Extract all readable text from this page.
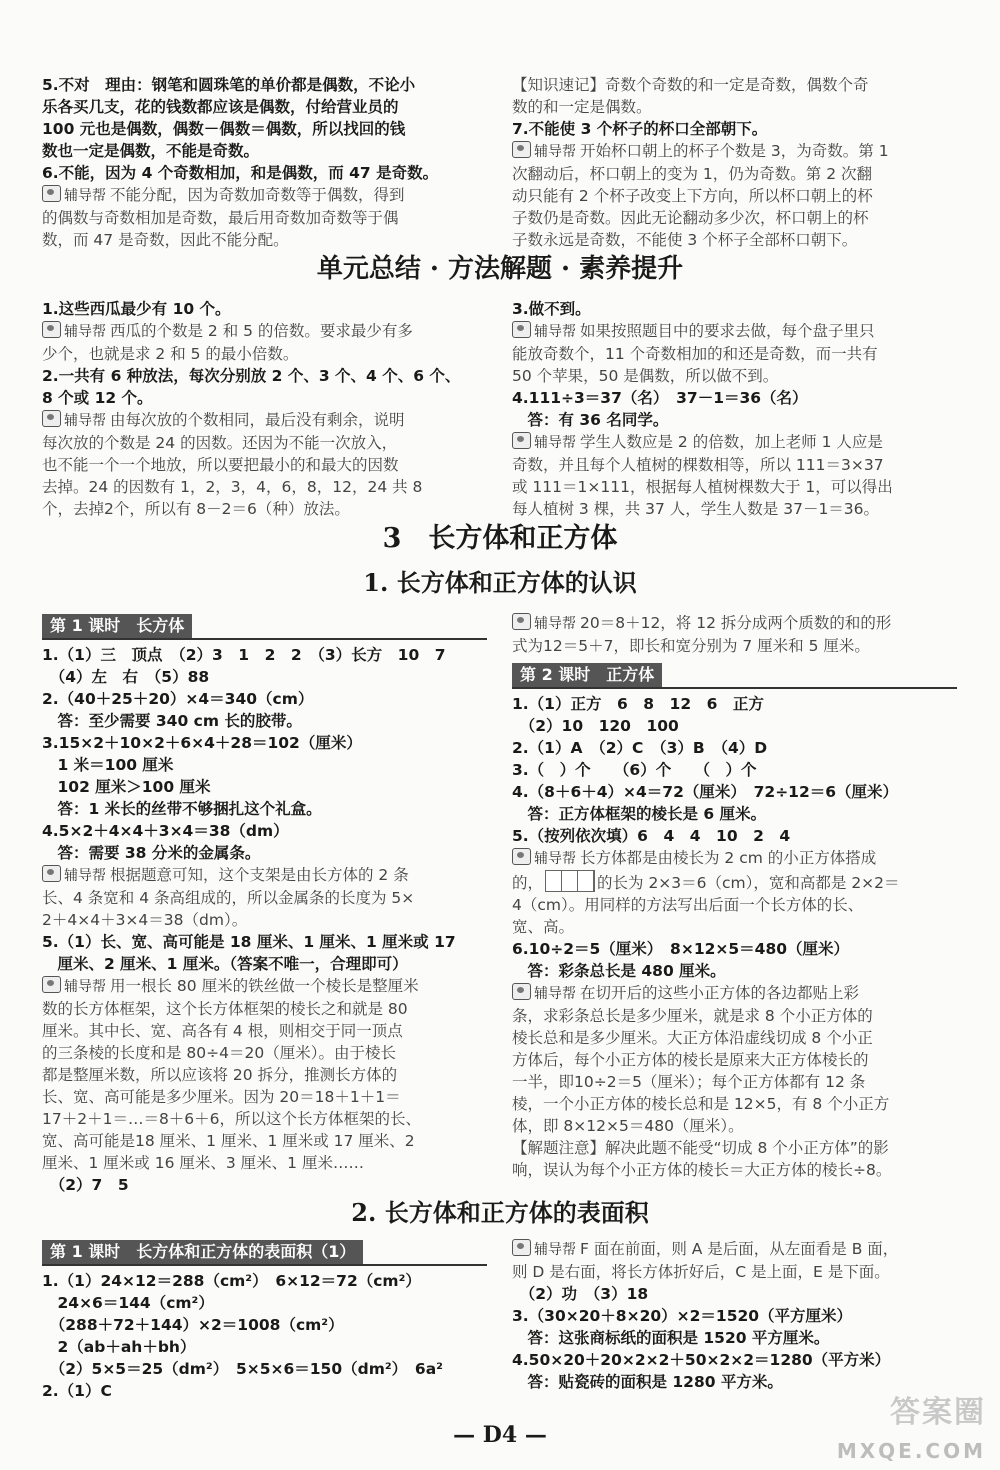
5.不对　理由：钢笔和圆珠笔的单价都是偶数，不论小
乐各买几支，花的钱数都应该是偶数，付给营业员的
100 元也是偶数，偶数－偶数＝偶数，所以找回的钱
数也一定是偶数，不能是奇数。
6.不能，因为 4 个奇数相加，和是偶数，而 47 是奇数。
辅导帮 不能分配，因为奇数加奇数等于偶数，得到
的偶数与奇数相加是奇数，最后用奇数加奇数等于偶
数，而 47 是奇数，因此不能分配。
【知识速记】奇数个奇数的和一定是奇数，偶数个奇
数的和一定是偶数。
7.不能使 3 个杯子的杯口全部朝下。
辅导帮 开始杯口朝上的杯子个数是 3，为奇数。第 1
次翻动后，杯口朝上的变为 1，仍为奇数。第 2 次翻
动只能有 2 个杯子改变上下方向，所以杯口朝上的杯
子数仍是奇数。因此无论翻动多少次，杯口朝上的杯
子数永远是奇数，不能使 3 个杯子全部杯口朝下。
单元总结 · 方法解题 · 素养提升
1.这些西瓜最少有 10 个。
辅导帮 西瓜的个数是 2 和 5 的倍数。要求最少有多
少个，也就是求 2 和 5 的最小倍数。
2.一共有 6 种放法，每次分别放 2 个、3 个、4 个、6 个、
8 个或 12 个。
辅导帮 由每次放的个数相同，最后没有剩余，说明
每次放的个数是 24 的因数。还因为不能一次放入，
也不能一个一个地放，所以要把最小的和最大的因数
去掉。24 的因数有 1，2，3，4，6，8，12，24 共 8
个，去掉2个，所以有 8－2＝6（种）放法。
3.做不到。
辅导帮 如果按照题目中的要求去做，每个盘子里只
能放奇数个，11 个奇数相加的和还是奇数，而一共有
50 个苹果，50 是偶数，所以做不到。
4.111÷3＝37（名）　37－1＝36（名）
　答：有 36 名同学。
辅导帮 学生人数应是 2 的倍数，加上老师 1 人应是
奇数，并且每个人植树的棵数相等，所以 111＝3×37
或 111＝1×111，根据每人植树棵数大于 1，可以得出
每人植树 3 棵，共 37 人，学生人数是 37－1＝36。
3　长方体和正方体
1. 长方体和正方体的认识
第 1 课时　长方体
1.（1）三　顶点　（2）3　1　2　2　（3）长方　10　7
　（4）左　右　（5）88
2.（40＋25＋20）×4＝340（cm）
　答：至少需要 340 cm 长的胶带。
3.15×2＋10×2＋6×4＋28＝102（厘米）
　1 米＝100 厘米
　102 厘米＞100 厘米
　答：1 米长的丝带不够捆扎这个礼盒。
4.5×2＋4×4＋3×4＝38（dm）
　答：需要 38 分米的金属条。
辅导帮 根据题意可知，这个支架是由长方体的 2 条
长、4 条宽和 4 条高组成的，所以金属条的长度为 5×
2＋4×4＋3×4＝38（dm）。
5.（1）长、宽、高可能是 18 厘米、1 厘米、1 厘米或 17
　厘米、2 厘米、1 厘米。（答案不唯一，合理即可）
辅导帮 用一根长 80 厘米的铁丝做一个棱长是整厘米
数的长方体框架，这个长方体框架的棱长之和就是 80
厘米。其中长、宽、高各有 4 根，则相交于同一顶点
的三条棱的长度和是 80÷4＝20（厘米）。由于棱长
都是整厘米数，所以应该将 20 拆分，推测长方体的
长、宽、高可能是多少厘米。因为 20＝18＋1＋1＝
17＋2＋1＝…＝8＋6＋6，所以这个长方体框架的长、
宽、高可能是18 厘米、1 厘米、1 厘米或 17 厘米、2
厘米、1 厘米或 16 厘米、3 厘米、1 厘米……
　（2）7　5
辅导帮 20＝8＋12，将 12 拆分成两个质数的和的形
式为12＝5＋7，即长和宽分别为 7 厘米和 5 厘米。
第 2 课时　正方体
1.（1）正方　6　8　12　6　正方
　（2）10　120　100
2.（1）A　（2）C　（3）B　（4）D
3.（　）个　　（6）个　　（　）个
4.（8＋6＋4）×4＝72（厘米）　72÷12＝6（厘米）
　答：正方体框架的棱长是 6 厘米。
5.（按列依次填）6　4　4　10　2　4
辅导帮 长方体都是由棱长为 2 cm 的小正方体搭成
的，	的长为 2×3＝6（cm），宽和高都是 2×2＝
4（cm）。用同样的方法写出后面一个长方体的长、
宽、高。
6.10÷2＝5（厘米）　8×12×5＝480（厘米）
　答：彩条总长是 480 厘米。
辅导帮 在切开后的这些小正方体的各边都贴上彩
条，求彩条总长是多少厘米，就是求 8 个小正方体的
棱长总和是多少厘米。大正方体沿虚线切成 8 个小正
方体后，每个小正方体的棱长是原来大正方体棱长的
一半，即10÷2＝5（厘米）；每个正方体都有 12 条
棱，一个小正方体的棱长总和是 12×5，有 8 个小正方
体，即 8×12×5＝480（厘米）。
【解题注意】解决此题不能受“切成 8 个小正方体”的影
响，误认为每个小正方体的棱长＝大正方体的棱长÷8。
2. 长方体和正方体的表面积
第 1 课时　长方体和正方体的表面积（1）
1.（1）24×12＝288（cm²）　6×12＝72（cm²）
　24×6＝144（cm²）
　（288＋72＋144）×2＝1008（cm²）
　2（ab＋ah＋bh）
　（2）5×5＝25（dm²）　5×5×6＝150（dm²）　6a²
2.（1）C
辅导帮 F 面在前面，则 A 是后面，从左面看是 B 面，
则 D 是右面，将长方体折好后，C 是上面，E 是下面。
　（2）功　（3）18
3.（30×20＋8×20）×2＝1520（平方厘米）
　答：这张商标纸的面积是 1520 平方厘米。
4.50×20＋20×2×2＋50×2×2＝1280（平方米）
　答：贴瓷砖的面积是 1280 平方米。
— D4 —
答案圈
MXQE.COM
